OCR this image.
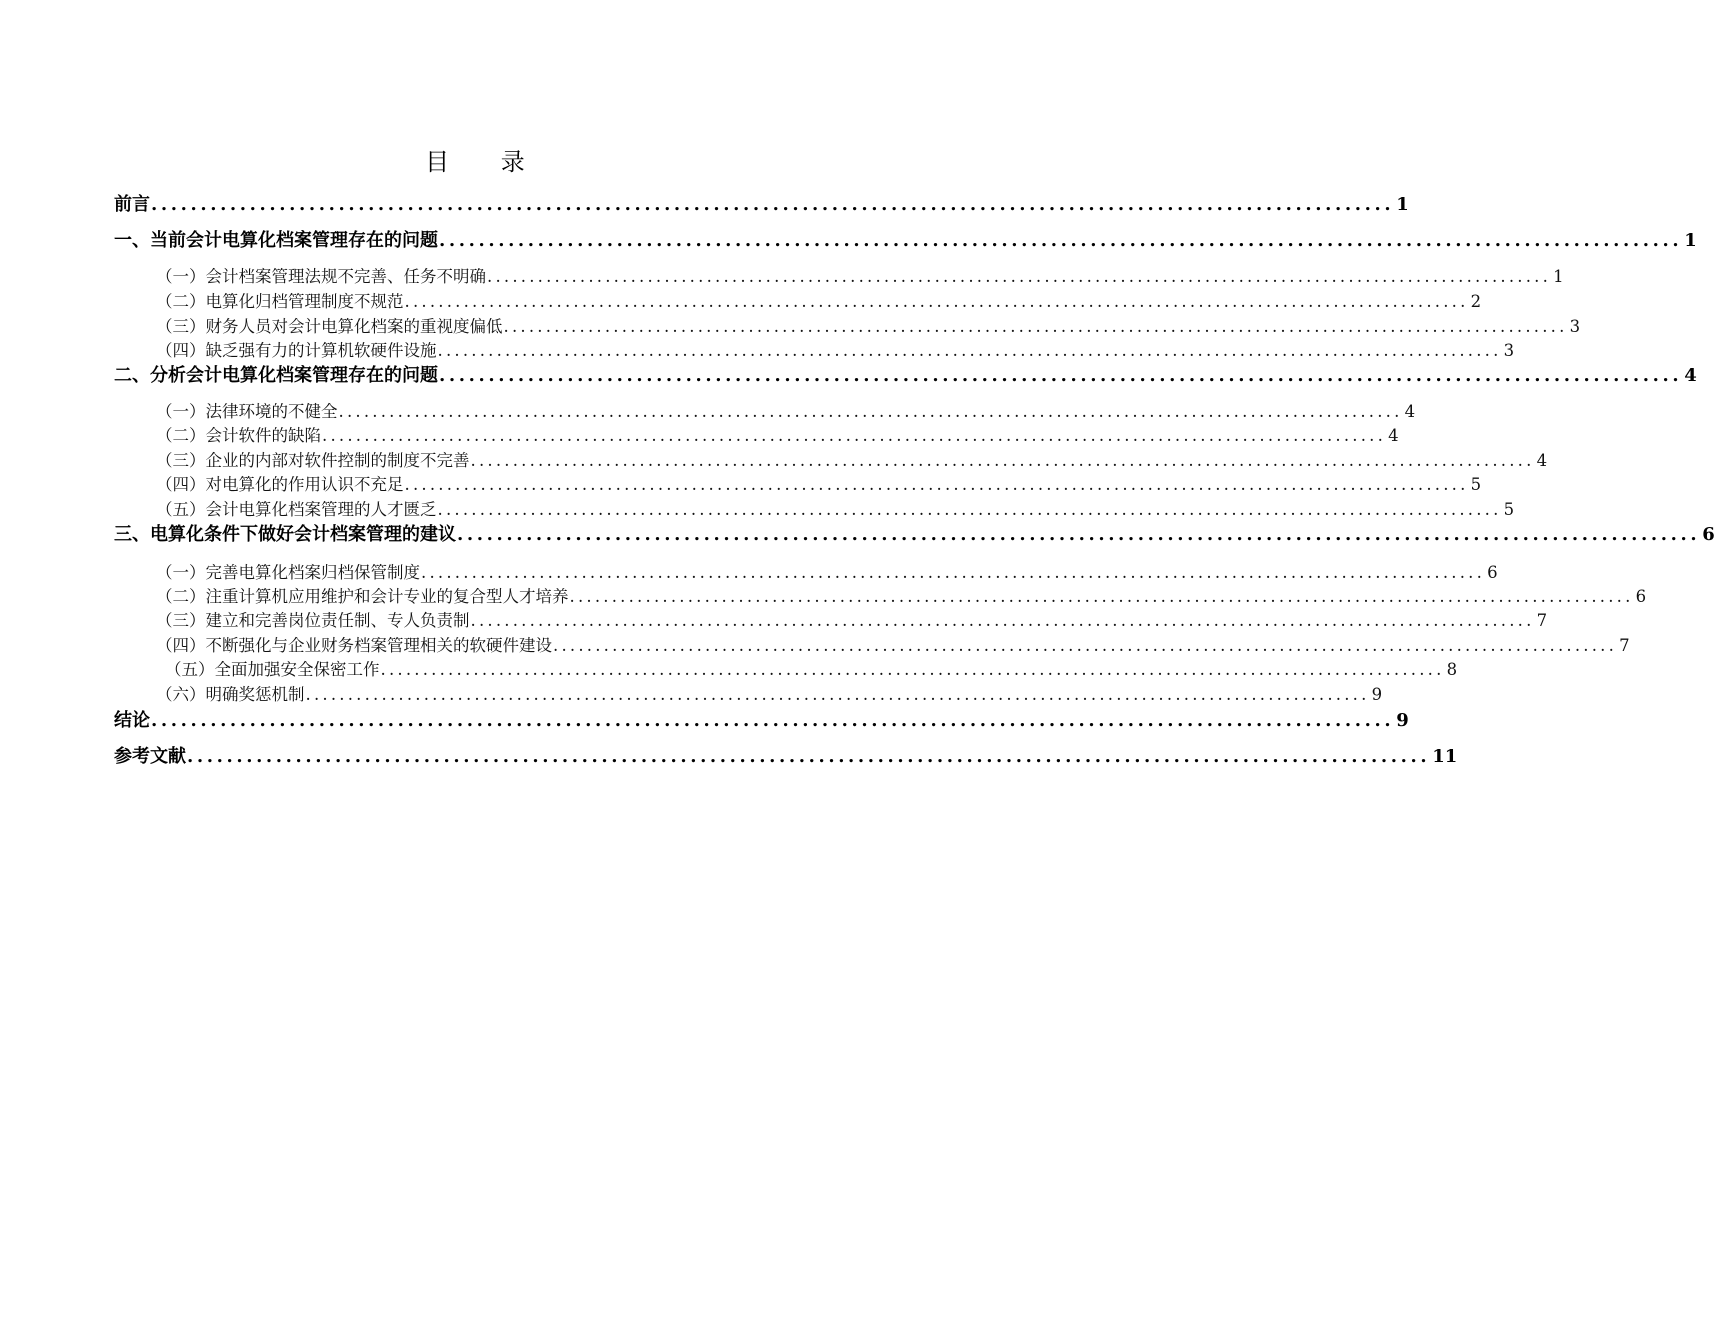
目 录
前言 .............................................................................................................................. 1
一、当前会计电算化档案管理存在的问题 .............................................................................................................................. 1
（一）会计档案管理法规不完善、任务不明确 .............................................................................................................................. 1
（二）电算化归档管理制度不规范 .............................................................................................................................. 2
（三）财务人员对会计电算化档案的重视度偏低 .............................................................................................................................. 3
（四）缺乏强有力的计算机软硬件设施 .............................................................................................................................. 3
二、分析会计电算化档案管理存在的问题 .............................................................................................................................. 4
（一）法律环境的不健全 .............................................................................................................................. 4
（二）会计软件的缺陷 .............................................................................................................................. 4
（三）企业的内部对软件控制的制度不完善 .............................................................................................................................. 4
（四）对电算化的作用认识不充足 .............................................................................................................................. 5
（五）会计电算化档案管理的人才匮乏 .............................................................................................................................. 5
三、电算化条件下做好会计档案管理的建议 .............................................................................................................................. 6
（一）完善电算化档案归档保管制度 .............................................................................................................................. 6
（二）注重计算机应用维护和会计专业的复合型人才培养 .............................................................................................................................. 6
（三）建立和完善岗位责任制、专人负责制 .............................................................................................................................. 7
（四）不断强化与企业财务档案管理相关的软硬件建设 .............................................................................................................................. 7
（五）全面加强安全保密工作 .............................................................................................................................. 8
（六）明确奖惩机制 .............................................................................................................................. 9
结论 .............................................................................................................................. 9
参考文献 .............................................................................................................................. 11
